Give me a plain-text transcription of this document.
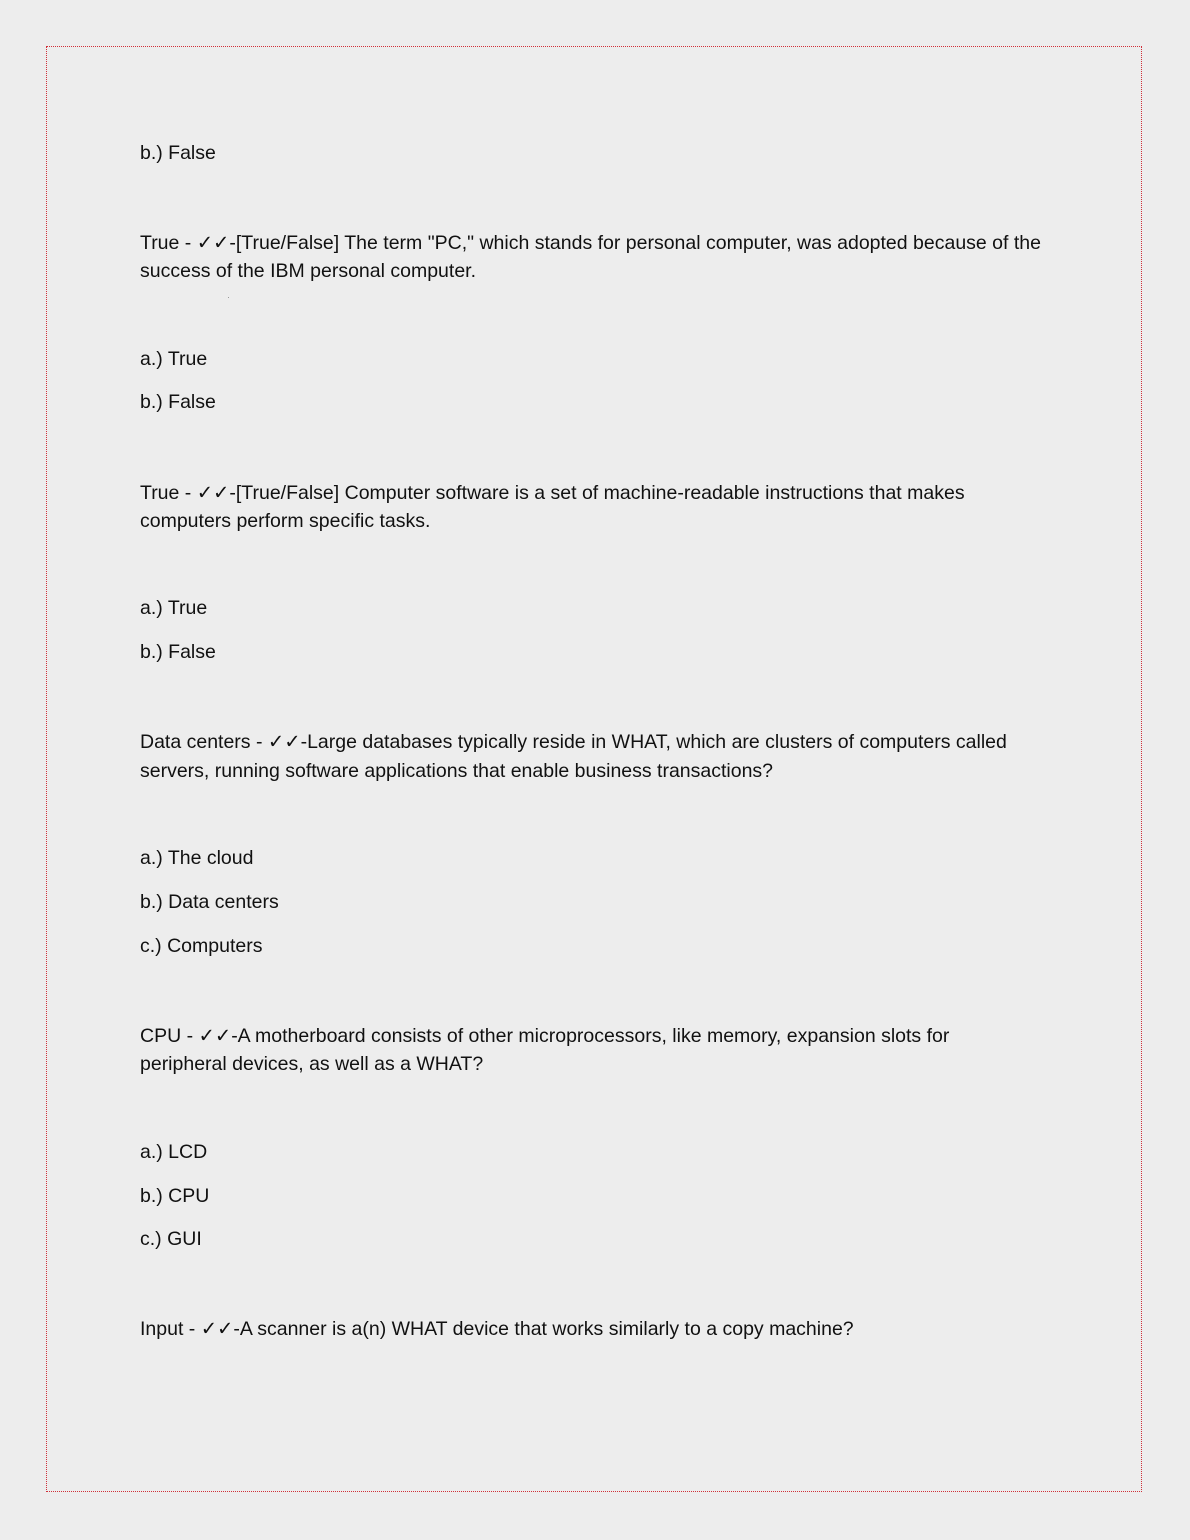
b.) False
True - ✓✓-[True/False] The term "PC," which stands for personal computer, was adopted because of the
success of the IBM personal computer.
a.) True
b.) False
True - ✓✓-[True/False] Computer software is a set of machine-readable instructions that makes
computers perform specific tasks.
a.) True
b.) False
Data centers - ✓✓-Large databases typically reside in WHAT, which are clusters of computers called
servers, running software applications that enable business transactions?
a.) The cloud
b.) Data centers
c.) Computers
CPU - ✓✓-A motherboard consists of other microprocessors, like memory, expansion slots for
peripheral devices, as well as a WHAT?
a.) LCD
b.) CPU
c.) GUI
Input - ✓✓-A scanner is a(n) WHAT device that works similarly to a copy machine?
